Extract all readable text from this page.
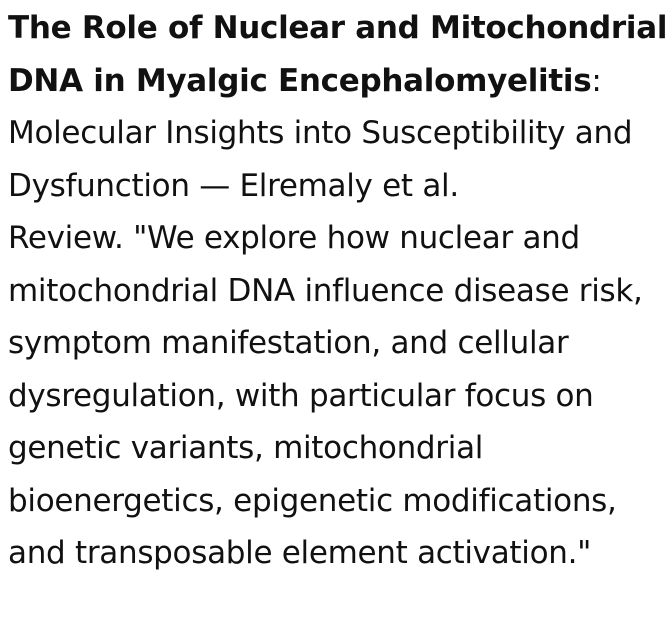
The Role of Nuclear and Mitochondrial DNA in Myalgic Encephalomyelitis: Molecular Insights into Susceptibility and Dysfunction — Elremaly et al.
Review. "We explore how nuclear and mitochondrial DNA influence disease risk, symptom manifestation, and cellular dysregulation, with particular focus on genetic variants, mitochondrial bioenergetics, epigenetic modifications, and transposable element activation."
